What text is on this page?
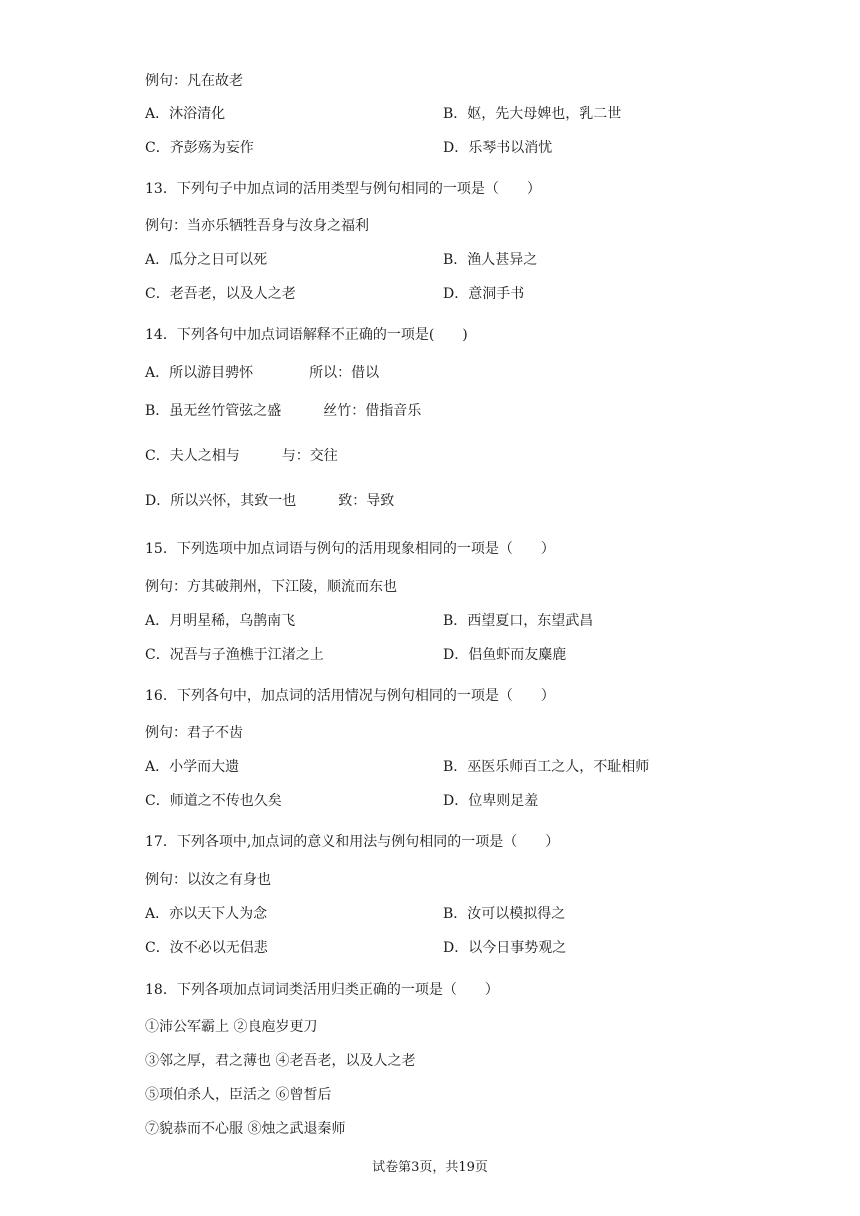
例句：凡在故老
A．沐浴清化	B．妪，先大母婢也，乳二世
C．齐彭殇为妄作	D．乐琴书以消忧
13．下列句子中加点词的活用类型与例句相同的一项是（　　）
例句：当亦乐牺牲吾身与汝身之福利
A．瓜分之日可以死	B．渔人甚异之
C．老吾老，以及人之老	D．意洞手书
14．下列各句中加点词语解释不正确的一项是(　　)
A．所以游目骋怀　　　　所以：借以
B．虽无丝竹管弦之盛　　　丝竹：借指音乐
C．夫人之相与　　　与：交往
D．所以兴怀，其致一也　　　致：导致
15．下列选项中加点词语与例句的活用现象相同的一项是（　　）
例句：方其破荆州，下江陵，顺流而东也
A．月明星稀，乌鹊南飞	B．西望夏口，东望武昌
C．况吾与子渔樵于江渚之上	D．侣鱼虾而友麋鹿
16．下列各句中，加点词的活用情况与例句相同的一项是（　　）
例句：君子不齿
A．小学而大遗	B．巫医乐师百工之人，不耻相师
C．师道之不传也久矣	D．位卑则足羞
17．下列各项中,加点词的意义和用法与例句相同的一项是（　　）
例句：以汝之有身也
A．亦以天下人为念	B．汝可以模拟得之
C．汝不必以无侣悲	D．以今日事势观之
18．下列各项加点词词类活用归类正确的一项是（　　）
①沛公军霸上 ②良庖岁更刀
③邻之厚，君之薄也 ④老吾老，以及人之老
⑤项伯杀人，臣活之 ⑥曾皙后
⑦貌恭而不心服 ⑧烛之武退秦师
试卷第3页，共19页
